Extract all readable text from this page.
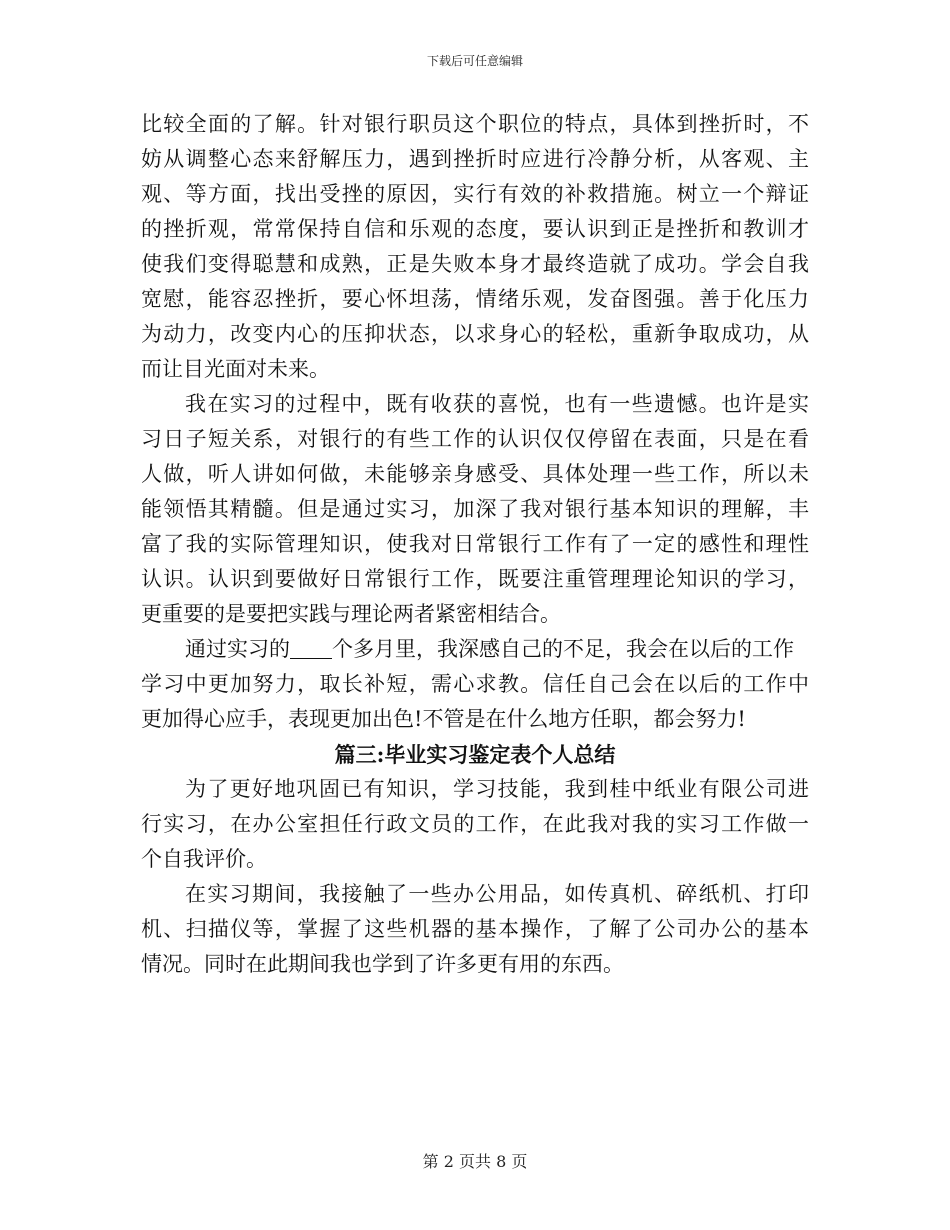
下载后可任意编辑
比较全面的了解。针对银行职员这个职位的特点，具体到挫折时，不
妨从调整心态来舒解压力，遇到挫折时应进行冷静分析，从客观、主
观、等方面，找出受挫的原因，实行有效的补救措施。树立一个辩证
的挫折观，常常保持自信和乐观的态度，要认识到正是挫折和教训才
使我们变得聪慧和成熟，正是失败本身才最终造就了成功。学会自我
宽慰，能容忍挫折，要心怀坦荡，情绪乐观，发奋图强。善于化压力
为动力，改变内心的压抑状态，以求身心的轻松，重新争取成功，从
而让目光面对未来。
我在实习的过程中，既有收获的喜悦，也有一些遗憾。也许是实
习日子短关系，对银行的有些工作的认识仅仅停留在表面，只是在看
人做，听人讲如何做，未能够亲身感受、具体处理一些工作，所以未
能领悟其精髓。但是通过实习，加深了我对银行基本知识的理解，丰
富了我的实际管理知识，使我对日常银行工作有了一定的感性和理性
认识。认识到要做好日常银行工作，既要注重管理理论知识的学习，
更重要的是要把实践与理论两者紧密相结合。
通过实习的 个多月里，我深感自己的不足，我会在以后的工作
学习中更加努力，取长补短，需心求教。信任自己会在以后的工作中
更加得心应手，表现更加出色!不管是在什么地方任职，都会努力!
篇三:毕业实习鉴定表个人总结
为了更好地巩固已有知识，学习技能，我到桂中纸业有限公司进
行实习，在办公室担任行政文员的工作，在此我对我的实习工作做一
个自我评价。
在实习期间，我接触了一些办公用品，如传真机、碎纸机、打印
机、扫描仪等，掌握了这些机器的基本操作，了解了公司办公的基本
情况。同时在此期间我也学到了许多更有用的东西。
第 2 页共 8 页
